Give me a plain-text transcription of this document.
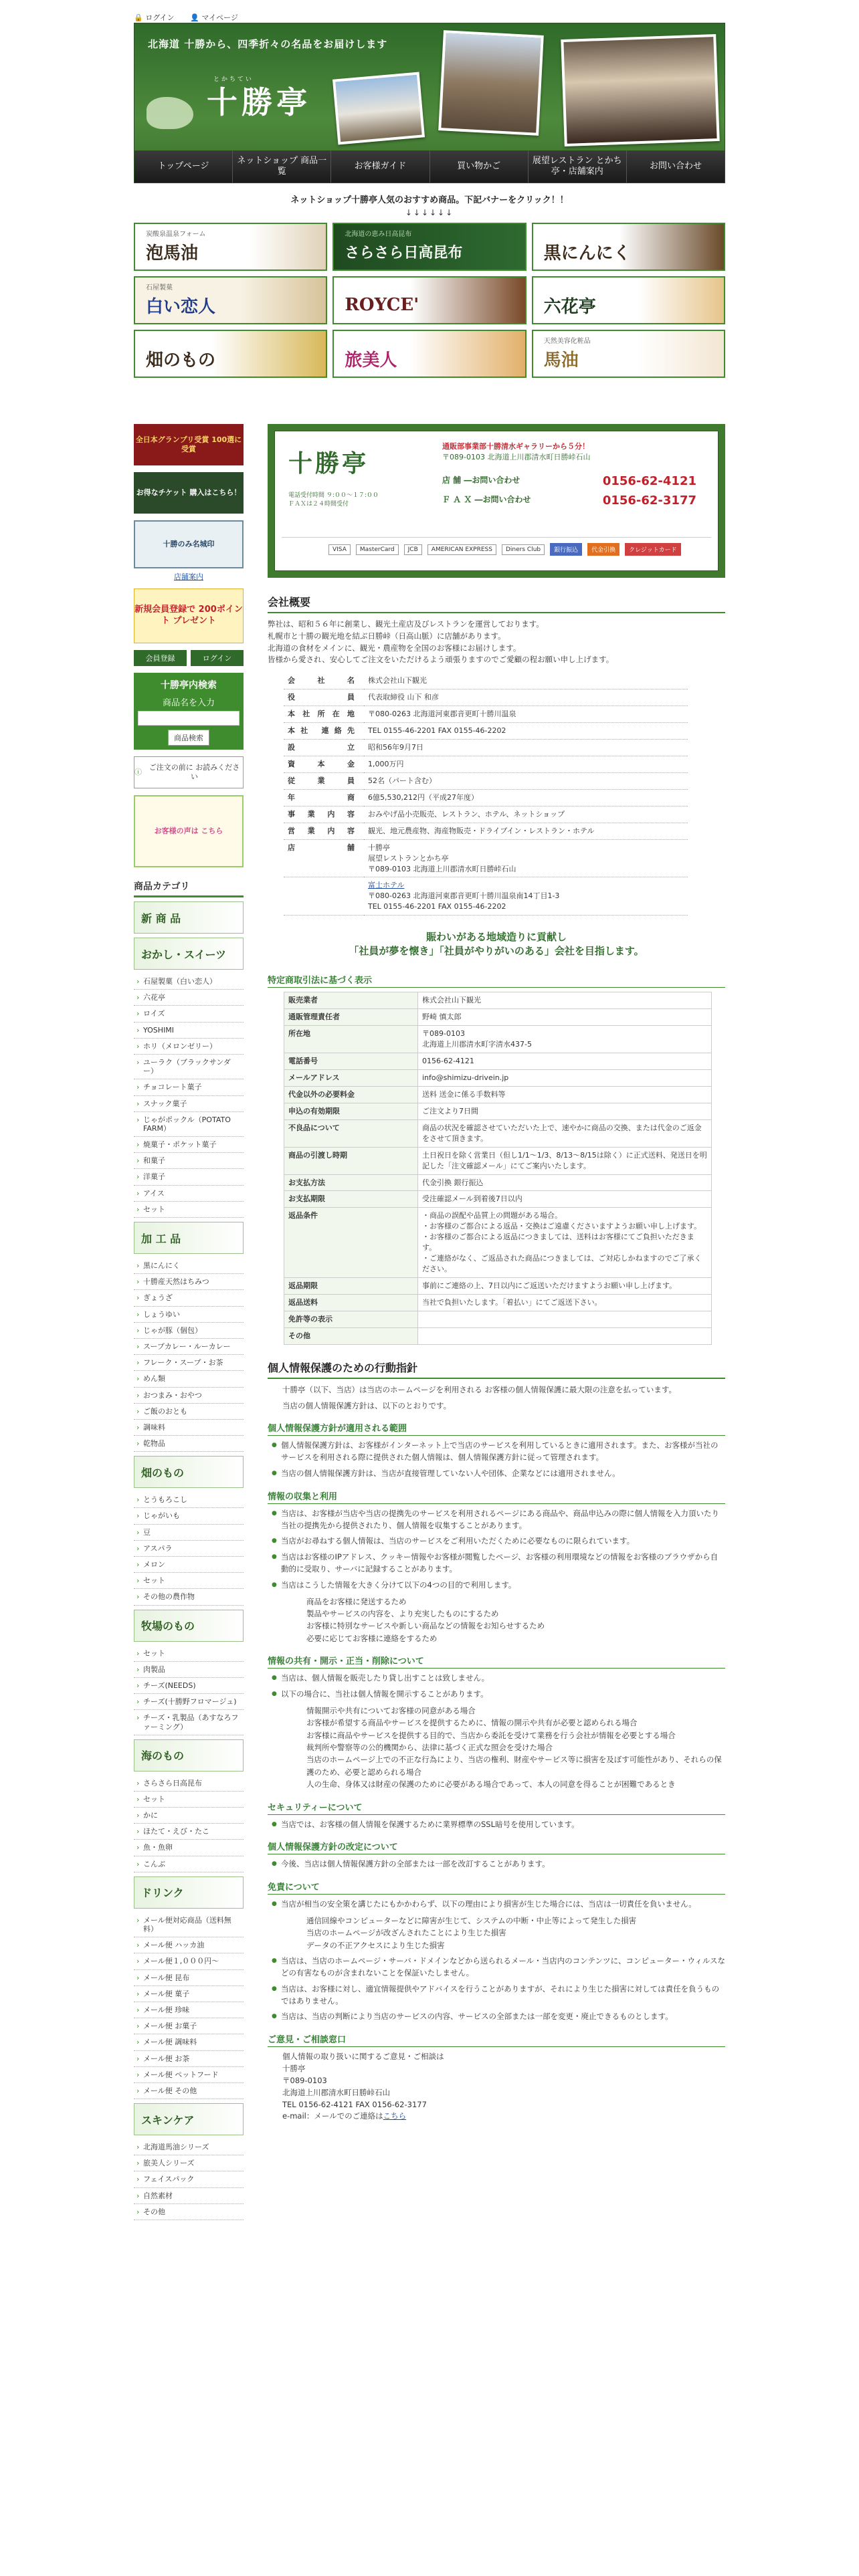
🔒 ログイン 👤 マイページ
北海道 十勝から、四季折々の名品をお届けします
とかちてい
十勝亭
トップページ
ネットショップ 商品一覧
お客様ガイド	買い物かご
展望レストラン とかち亭・店舗案内
お問い合わせ
ネットショップ十勝亭人気のおすすめ商品。下記バナーをクリック！！
↓↓↓↓↓↓
炭酸泉温泉フォーム
泡馬油
北海道の恵み日高昆布
さらさら日高昆布	黒にんにく
石屋製菓
白い恋人	ROYCE'	六花亭
畑のもの	旅美人
天然美容化粧品
馬油
全日本グランプリ受賞 100選に受賞
お得なチケット 購入はこちら！
十勝のみ名城印
店舗案内
新規会員登録で 200ポイント プレゼント
会員登録	ログイン
十勝亭内検索
商品名を入力
商品検索
ⓘ
ご注文の前に お読みください
お客様の声は こちら
商品カテゴリ
新 商 品
おかし・スイーツ
› 石屋製菓（白い恋人）
› 六花亭
› ロイズ
› YOSHIMI
› ホリ（メロンゼリー）
› ユーラク（ブラックサンダー）
› チョコレート菓子
› スナック菓子
› じゃがポックル（POTATO FARM）
› 焼菓子・ポケット菓子
› 和菓子
› 洋菓子
› アイス
› セット
加 工 品
› 黒にんにく
› 十勝産天然はちみつ
› ぎょうざ
› しょうゆい
› じゃが豚（個包）
› スープカレー・ルーカレー
› フレーク・スープ・お茶
› めん類
› おつまみ・おやつ
› ご飯のおとも
› 調味料
› 乾物品
畑のもの
› とうもろこし
› じゃがいも
› 豆
› アスパラ
› メロン
› セット
› その他の農作物
牧場のもの
› セット
› 肉製品
› チーズ(NEEDS)
› チーズ(十勝野フロマージュ)
› チーズ・乳製品（あすなろファーミング）
海のもの
› さらさら日高昆布
› セット
› かに
› ほたて・えび・たこ
› 魚・魚卵
› こんぶ
ドリンク
› メール便対応商品（送料無料）
› メール便 ハッカ油
› メール便１,０００円～
› メール便 昆布
› メール便 菓子
› メール便 珍味
› メール便 お菓子
› メール便 調味料
› メール便 お茶
› メール便 ペットフード
› メール便 その他
スキンケア
› 北海道馬油シリーズ
› 旅美人シリーズ
› フェイスパック
› 自然素材
› その他
十勝亭
電話受付時間 ９:００～１７:００
ＦＡＸは２４時間受付
通販部事業部十勝清水ギャラリーから５分！
〒089-0103 北海道上川郡清水町日勝峠石山
店 舗 ―お問い合わせ	0156-62-4121
Ｆ Ａ Ｘ ―お問い合わせ	0156-62-3177
VISA	MasterCard	JCB	AMERICAN EXPRESS	Diners Club	銀行振込	代金引換	クレジットカード
会社概要

弊社は、昭和５６年に創業し、観光土産店及びレストランを運営しております。

札幌市と十勝の観光地を結ぶ日勝峠（日高山脈）に店舗があります。

北海道の食材をメインに、観光・農産物を全国のお客様にお届けします。

皆様から愛され、安心してご注文をいただけるよう頑張りますのでご愛顧の程お願い申し上げます。

会 社 名	株式会社山下観光
役 員	代表取締役 山下 和彦
本社所在地	〒080-0263 北海道河東郡音更町十勝川温泉
本社 連絡先	TEL 0155-46-2201 FAX 0155-46-2202
設 立	昭和56年9月7日
資 本 金	1,000万円
従 業 員	52名（パート含む）
年 商	6億5,530,212円（平成27年度）
事業内容	おみやげ品小売販売、レストラン、ホテル、ネットショップ
営業内容	観光、地元農産物、海産物販売・ドライブイン・レストラン・ホテル
店 舗	十勝亭
展望レストランとかち亭
〒089-0103 北海道上川郡清水町日勝峠石山

	富士ホテル
〒080-0263 北海道河東郡音更町十勝川温泉南14丁目1-3
TEL 0155-46-2201 FAX 0155-46-2202
賑わいがある地域造りに貢献し
「社員が夢を懐き」「社員がやりがいのある」会社を目指します。
特定商取引法に基づく表示
販売業者	株式会社山下観光
通販管理責任者	野崎 慎太郎
所在地	〒089-0103
北海道上川郡清水町字清水437-5
電話番号	0156-62-4121
メールアドレス	info@shimizu-drivein.jp
代金以外の必要料金	送料 送金に係る手数料等
申込の有効期限	ご注文より7日間
不良品について	商品の状況を確認させていただいた上で、速やかに商品の交換、または代金のご返金をさせて頂きます。
商品の引渡し時期	土日祝日を除く営業日（但し1/1～1/3、8/13～8/15は除く）に正式送料、発送日を明記した「注文確認メール」にてご案内いたします。
お支払方法	代金引換 銀行振込
お支払期限	受注確認メール到着後7日以内
返品条件	・商品の誤配や品質上の問題がある場合。
・お客様のご都合による返品・交換はご遠慮くださいますようお願い申し上げます。
・お客様のご都合による返品につきましては、送料はお客様にてご負担いただきます。
・ご連絡がなく、ご返品された商品につきましては、ご対応しかねますのでご了承ください。
返品期限	事前にご連絡の上、7日以内にご返送いただけますようお願い申し上げます。
返品送料	当社で負担いたします。「着払い」にてご返送下さい。
免許等の表示	
その他	
個人情報保護のための行動指針

十勝亭（以下、当店）は当店のホームページを利用される お客様の個人情報保護に最大限の注意を払っています。

当店の個人情報保護方針は、以下のとおりです。

個人情報保護方針が適用される範囲
● 個人情報保護方針は、お客様がインターネット上で当店のサービスを利用しているときに適用されます。また、お客様が当社のサービスを利用される際に提供された個人情報は、個人情報保護方針に従って管理されます。
● 当店の個人情報保護方針は、当店が直接管理していない人や団体、企業などには適用されません。
情報の収集と利用
● 当店は、お客様が当店や当店の提携先のサービスを利用されるページにある商品や、商品申込みの際に個人情報を入力頂いたり当社の提携先から提供されたり、個人情報を収集することがあります。
● 当店がお尋ねする個人情報は、当店のサービスをご利用いただくために必要なものに限られています。
● 当店はお客様のIPアドレス、クッキー情報やお客様が閲覧したページ、お客様の利用環境などの情報をお客様のブラウザから自動的に受取り、サーバに記録することがあります。
● 当店はこうした情報を大きく分けて以下の4つの目的で利用します。
商品をお客様に発送するため
製品やサービスの内容を、より充実したものにするため
お客様に特別なサービスや新しい商品などの情報をお知らせするため
必要に応じてお客様に連絡をするため
情報の共有・開示・正当・削除について
● 当店は、個人情報を販売したり貸し出すことは致しません。
● 以下の場合に、当社は個人情報を開示することがあります。
情報開示や共有についてお客様の同意がある場合
お客様が希望する商品やサービスを提供するために、情報の開示や共有が必要と認められる場合
お客様に商品やサービスを提供する目的で、当店から委託を受けて業務を行う会社が情報を必要とする場合
裁判所や警察等の公的機関から、法律に基づく正式な照会を受けた場合
当店のホームページ上での不正な行為により、当店の権利、財産やサービス等に損害を及ぼす可能性があり、それらの保護のため、必要と認められる場合
人の生命、身体又は財産の保護のために必要がある場合であって、本人の同意を得ることが困難であるとき
セキュリティーについて
● 当店では、お客様の個人情報を保護するために業界標準のSSL暗号を使用しています。
個人情報保護方針の改定について
● 今後、当店は個人情報保護方針の全部または一部を改訂することがあります。
免責について
● 当店が相当の安全策を講じたにもかかわらず、以下の理由により損害が生じた場合には、当店は一切責任を負いません。
通信回線やコンピューターなどに障害が生じて、システムの中断・中止等によって発生した損害
当店のホームページが改ざんされたことにより生じた損害
データの不正アクセスにより生じた損害
● 当店は、当店のホームページ・サーバ・ドメインなどから送られるメール・当店内のコンテンツに、コンピューター・ウィルスなどの有害なものが含まれないことを保証いたしません。
● 当店は、お客様に対し、適宜情報提供やアドバイスを行うことがありますが、それにより生じた損害に対しては責任を負うものではありません。
● 当店は、当店の判断により当店のサービスの内容、サービスの全部または一部を変更・廃止できるものとします。
ご意見・ご相談窓口
個人情報の取り扱いに関するご意見・ご相談は
十勝亭
〒089-0103
北海道上川郡清水町日勝峠石山
TEL 0156-62-4121 FAX 0156-62-3177
e-mail：メールでのご連絡はこちら
